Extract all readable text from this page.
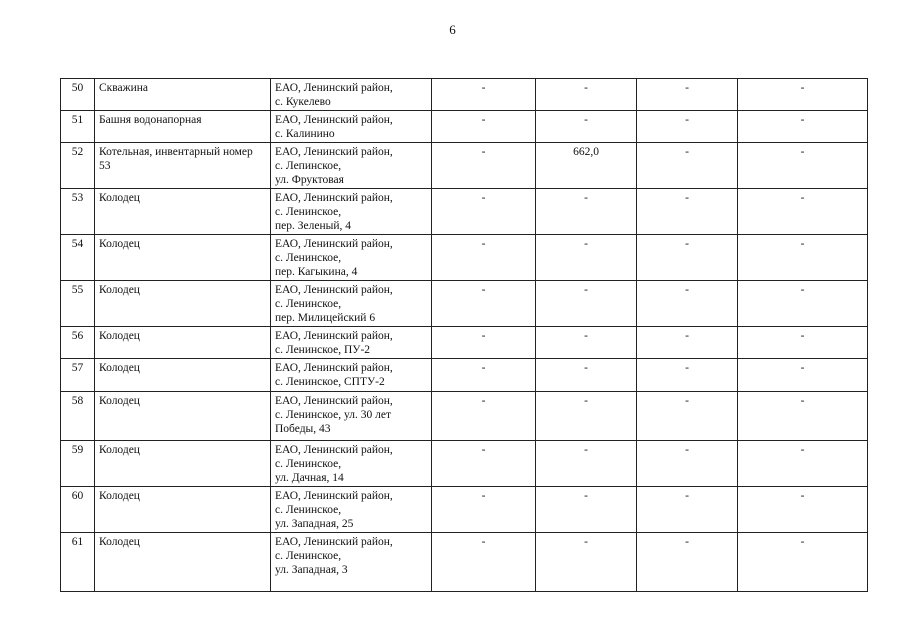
6
50	Скважина	ЕАО, Ленинский район,
с. Кукелево	-	-	-	-
51	Башня водонапорная	ЕАО, Ленинский район,
с. Калинино	-	-	-	-
52	Котельная, инвентарный номер 53	ЕАО, Ленинский район,
с. Лепинское,
ул. Фруктовая	-	662,0	-	-
53	Колодец	ЕАО, Ленинский район,
с. Ленинское,
пер. Зеленый, 4	-	-	-	-
54	Колодец	ЕАО, Ленинский район,
с. Ленинское,
пер. Кагыкина, 4	-	-	-	-
55	Колодец	ЕАО, Ленинский район,
с. Ленинское,
пер. Милицейский 6	-	-	-	-
56	Колодец	ЕАО, Ленинский район,
с. Ленинское, ПУ-2	-	-	-	-
57	Колодец	ЕАО, Ленинский район,
с. Ленинское, СПТУ-2	-	-	-	-
58	Колодец	ЕАО, Ленинский район,
с. Ленинское, ул. 30 лет
Победы, 43	-	-	-	-
59	Колодец	ЕАО, Ленинский район,
с. Ленинское,
ул. Дачная, 14	-	-	-	-
60	Колодец	ЕАО, Ленинский район,
с. Ленинское,
ул. Западная, 25	-	-	-	-
61	Колодец	ЕАО, Ленинский район,
с. Ленинское,
ул. Западная, 3	-	-	-	-
